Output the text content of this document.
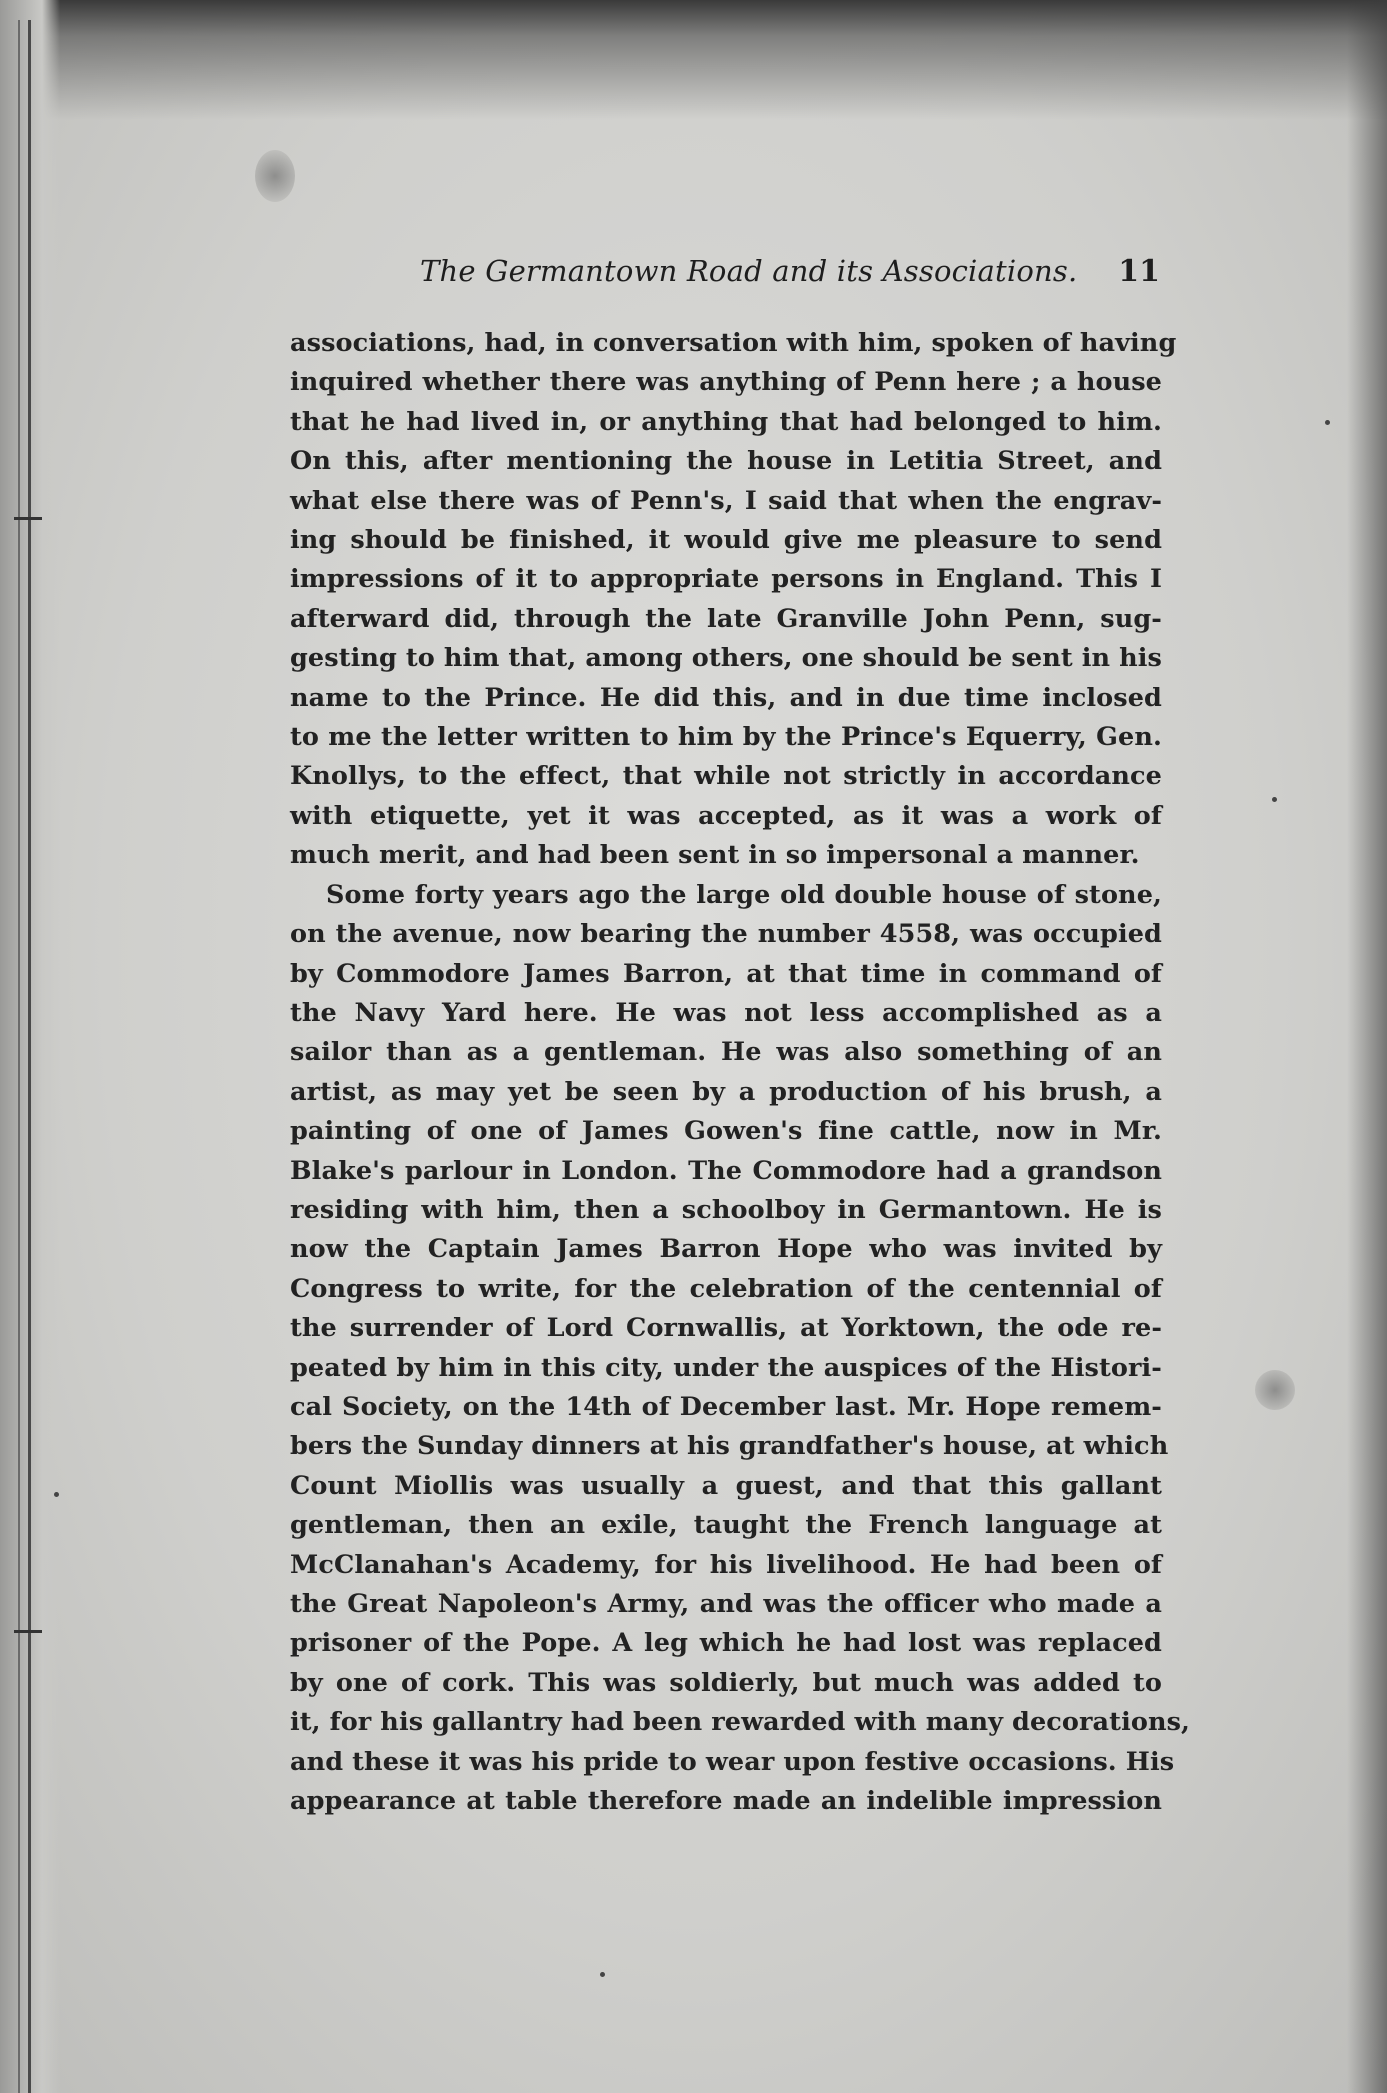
The Germantown Road and its Associations. 11
associations, had, in conversation with him, spoken of having
inquired whether there was anything of Penn here ; a house
that he had lived in, or anything that had belonged to him.
On this, after mentioning the house in Letitia Street, and
what else there was of Penn's, I said that when the engrav-
ing should be finished, it would give me pleasure to send
impressions of it to appropriate persons in England. This I
afterward did, through the late Granville John Penn, sug-
gesting to him that, among others, one should be sent in his
name to the Prince. He did this, and in due time inclosed
to me the letter written to him by the Prince's Equerry, Gen.
Knollys, to the effect, that while not strictly in accordance
with etiquette, yet it was accepted, as it was a work of
much merit, and had been sent in so impersonal a manner.
Some forty years ago the large old double house of stone,
on the avenue, now bearing the number 4558, was occupied
by Commodore James Barron, at that time in command of
the Navy Yard here. He was not less accomplished as a
sailor than as a gentleman. He was also something of an
artist, as may yet be seen by a production of his brush, a
painting of one of James Gowen's fine cattle, now in Mr.
Blake's parlour in London. The Commodore had a grandson
residing with him, then a schoolboy in Germantown. He is
now the Captain James Barron Hope who was invited by
Congress to write, for the celebration of the centennial of
the surrender of Lord Cornwallis, at Yorktown, the ode re-
peated by him in this city, under the auspices of the Histori-
cal Society, on the 14th of December last. Mr. Hope remem-
bers the Sunday dinners at his grandfather's house, at which
Count Miollis was usually a guest, and that this gallant
gentleman, then an exile, taught the French language at
McClanahan's Academy, for his livelihood. He had been of
the Great Napoleon's Army, and was the officer who made a
prisoner of the Pope. A leg which he had lost was replaced
by one of cork. This was soldierly, but much was added to
it, for his gallantry had been rewarded with many decorations,
and these it was his pride to wear upon festive occasions. His
appearance at table therefore made an indelible impression
